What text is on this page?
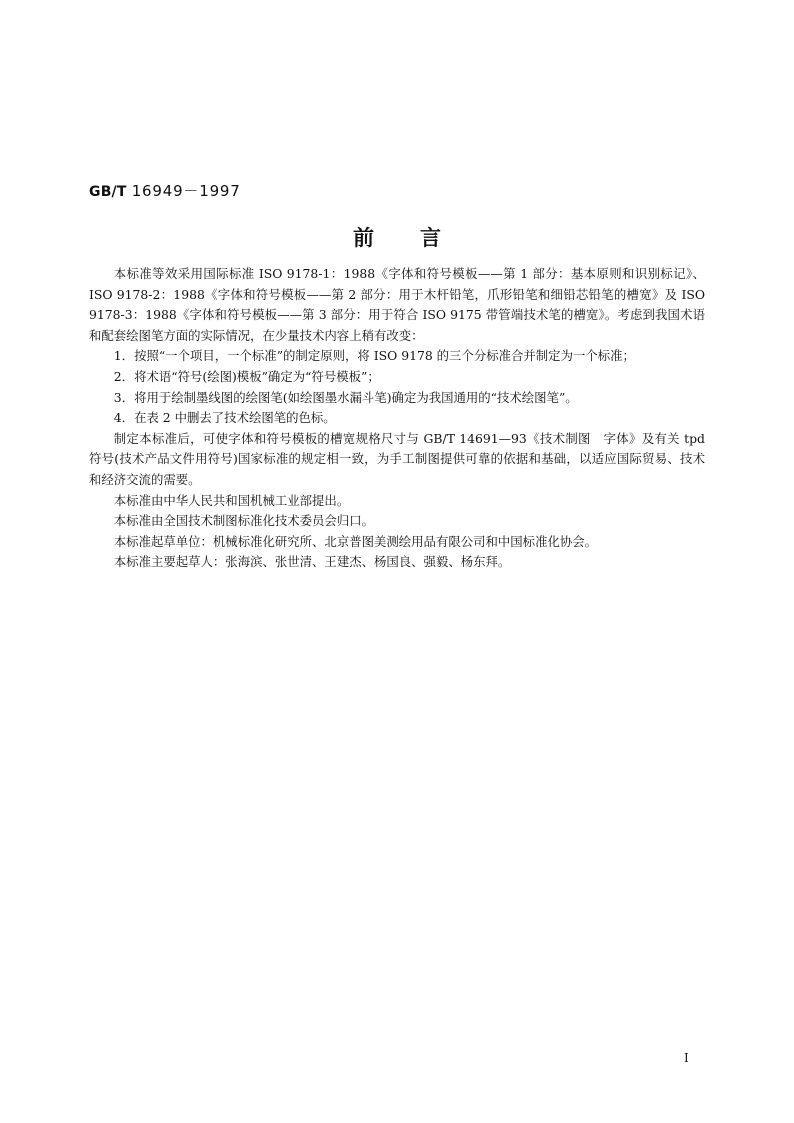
GB/T 16949－1997
前言

本标准等效采用国际标准 ISO 9178-1：1988《字体和符号模板——第 1 部分：基本原则和识别标记》、ISO 9178-2：1988《字体和符号模板——第 2 部分：用于木杆铅笔，爪形铅笔和细铅芯铅笔的槽宽》及 ISO 9178-3：1988《字体和符号模板——第 3 部分：用于符合 ISO 9175 带管端技术笔的槽宽》。考虑到我国术语和配套绘图笔方面的实际情况，在少量技术内容上稍有改变：

1．按照“一个项目，一个标准”的制定原则，将 ISO 9178 的三个分标准合并制定为一个标准；

2．将术语“符号(绘图)模板”确定为“符号模板”；

3．将用于绘制墨线图的绘图笔(如绘图墨水漏斗笔)确定为我国通用的“技术绘图笔”。

4．在表 2 中删去了技术绘图笔的色标。

制定本标准后，可使字体和符号模板的槽宽规格尺寸与 GB/T 14691—93《技术制图　字体》及有关 tpd 符号(技术产品文件用符号)国家标准的规定相一致，为手工制图提供可靠的依据和基础，以适应国际贸易、技术和经济交流的需要。

本标准由中华人民共和国机械工业部提出。

本标准由全国技术制图标准化技术委员会归口。

本标准起草单位：机械标准化研究所、北京普图美测绘用品有限公司和中国标准化协会。

本标准主要起草人：张海滨、张世清、王建杰、杨国良、强毅、杨东拜。

I
